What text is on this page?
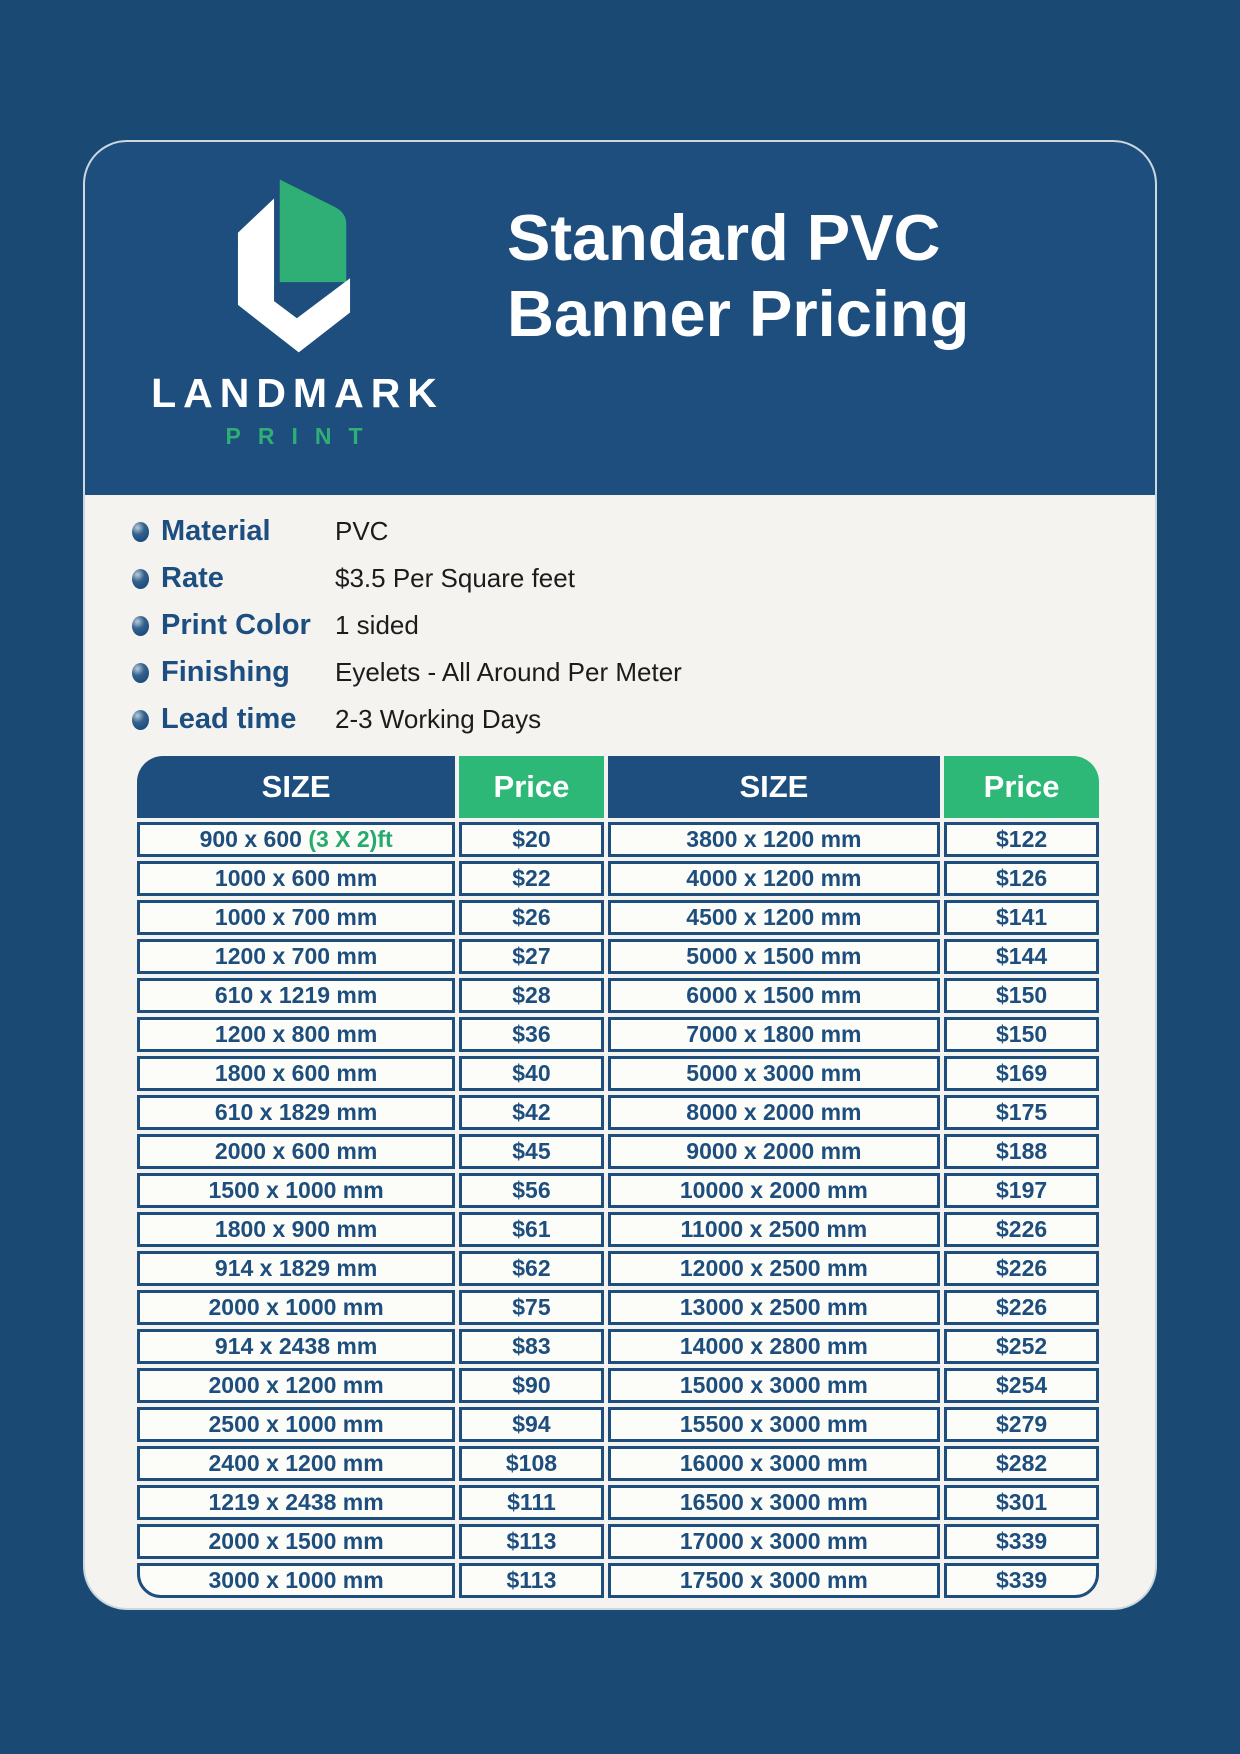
LANDMARK
PRINT
Standard PVC
Banner Pricing
Material	PVC
Rate	$3.5 Per Square feet
Print Color 1 sided
Finishing	Eyelets - All Around Per Meter
Lead time	2-3 Working Days
SIZE	Price	SIZE	Price
900 x 600 (3 X 2)ft	$20	3800 x 1200 mm	$122
1000 x 600 mm	$22	4000 x 1200 mm	$126
1000 x 700 mm	$26	4500 x 1200 mm	$141
1200 x 700 mm	$27	5000 x 1500 mm	$144
610 x 1219 mm	$28	6000 x 1500 mm	$150
1200 x 800 mm	$36	7000 x 1800 mm	$150
1800 x 600 mm	$40	5000 x 3000 mm	$169
610 x 1829 mm	$42	8000 x 2000 mm	$175
2000 x 600 mm	$45	9000 x 2000 mm	$188
1500 x 1000 mm	$56	10000 x 2000 mm	$197
1800 x 900 mm	$61	11000 x 2500 mm	$226
914 x 1829 mm	$62	12000 x 2500 mm	$226
2000 x 1000 mm	$75	13000 x 2500 mm	$226
914 x 2438 mm	$83	14000 x 2800 mm	$252
2000 x 1200 mm	$90	15000 x 3000 mm	$254
2500 x 1000 mm	$94	15500 x 3000 mm	$279
2400 x 1200 mm	$108	16000 x 3000 mm	$282
1219 x 2438 mm	$111	16500 x 3000 mm	$301
2000 x 1500 mm	$113	17000 x 3000 mm	$339
3000 x 1000 mm	$113	17500 x 3000 mm	$339
